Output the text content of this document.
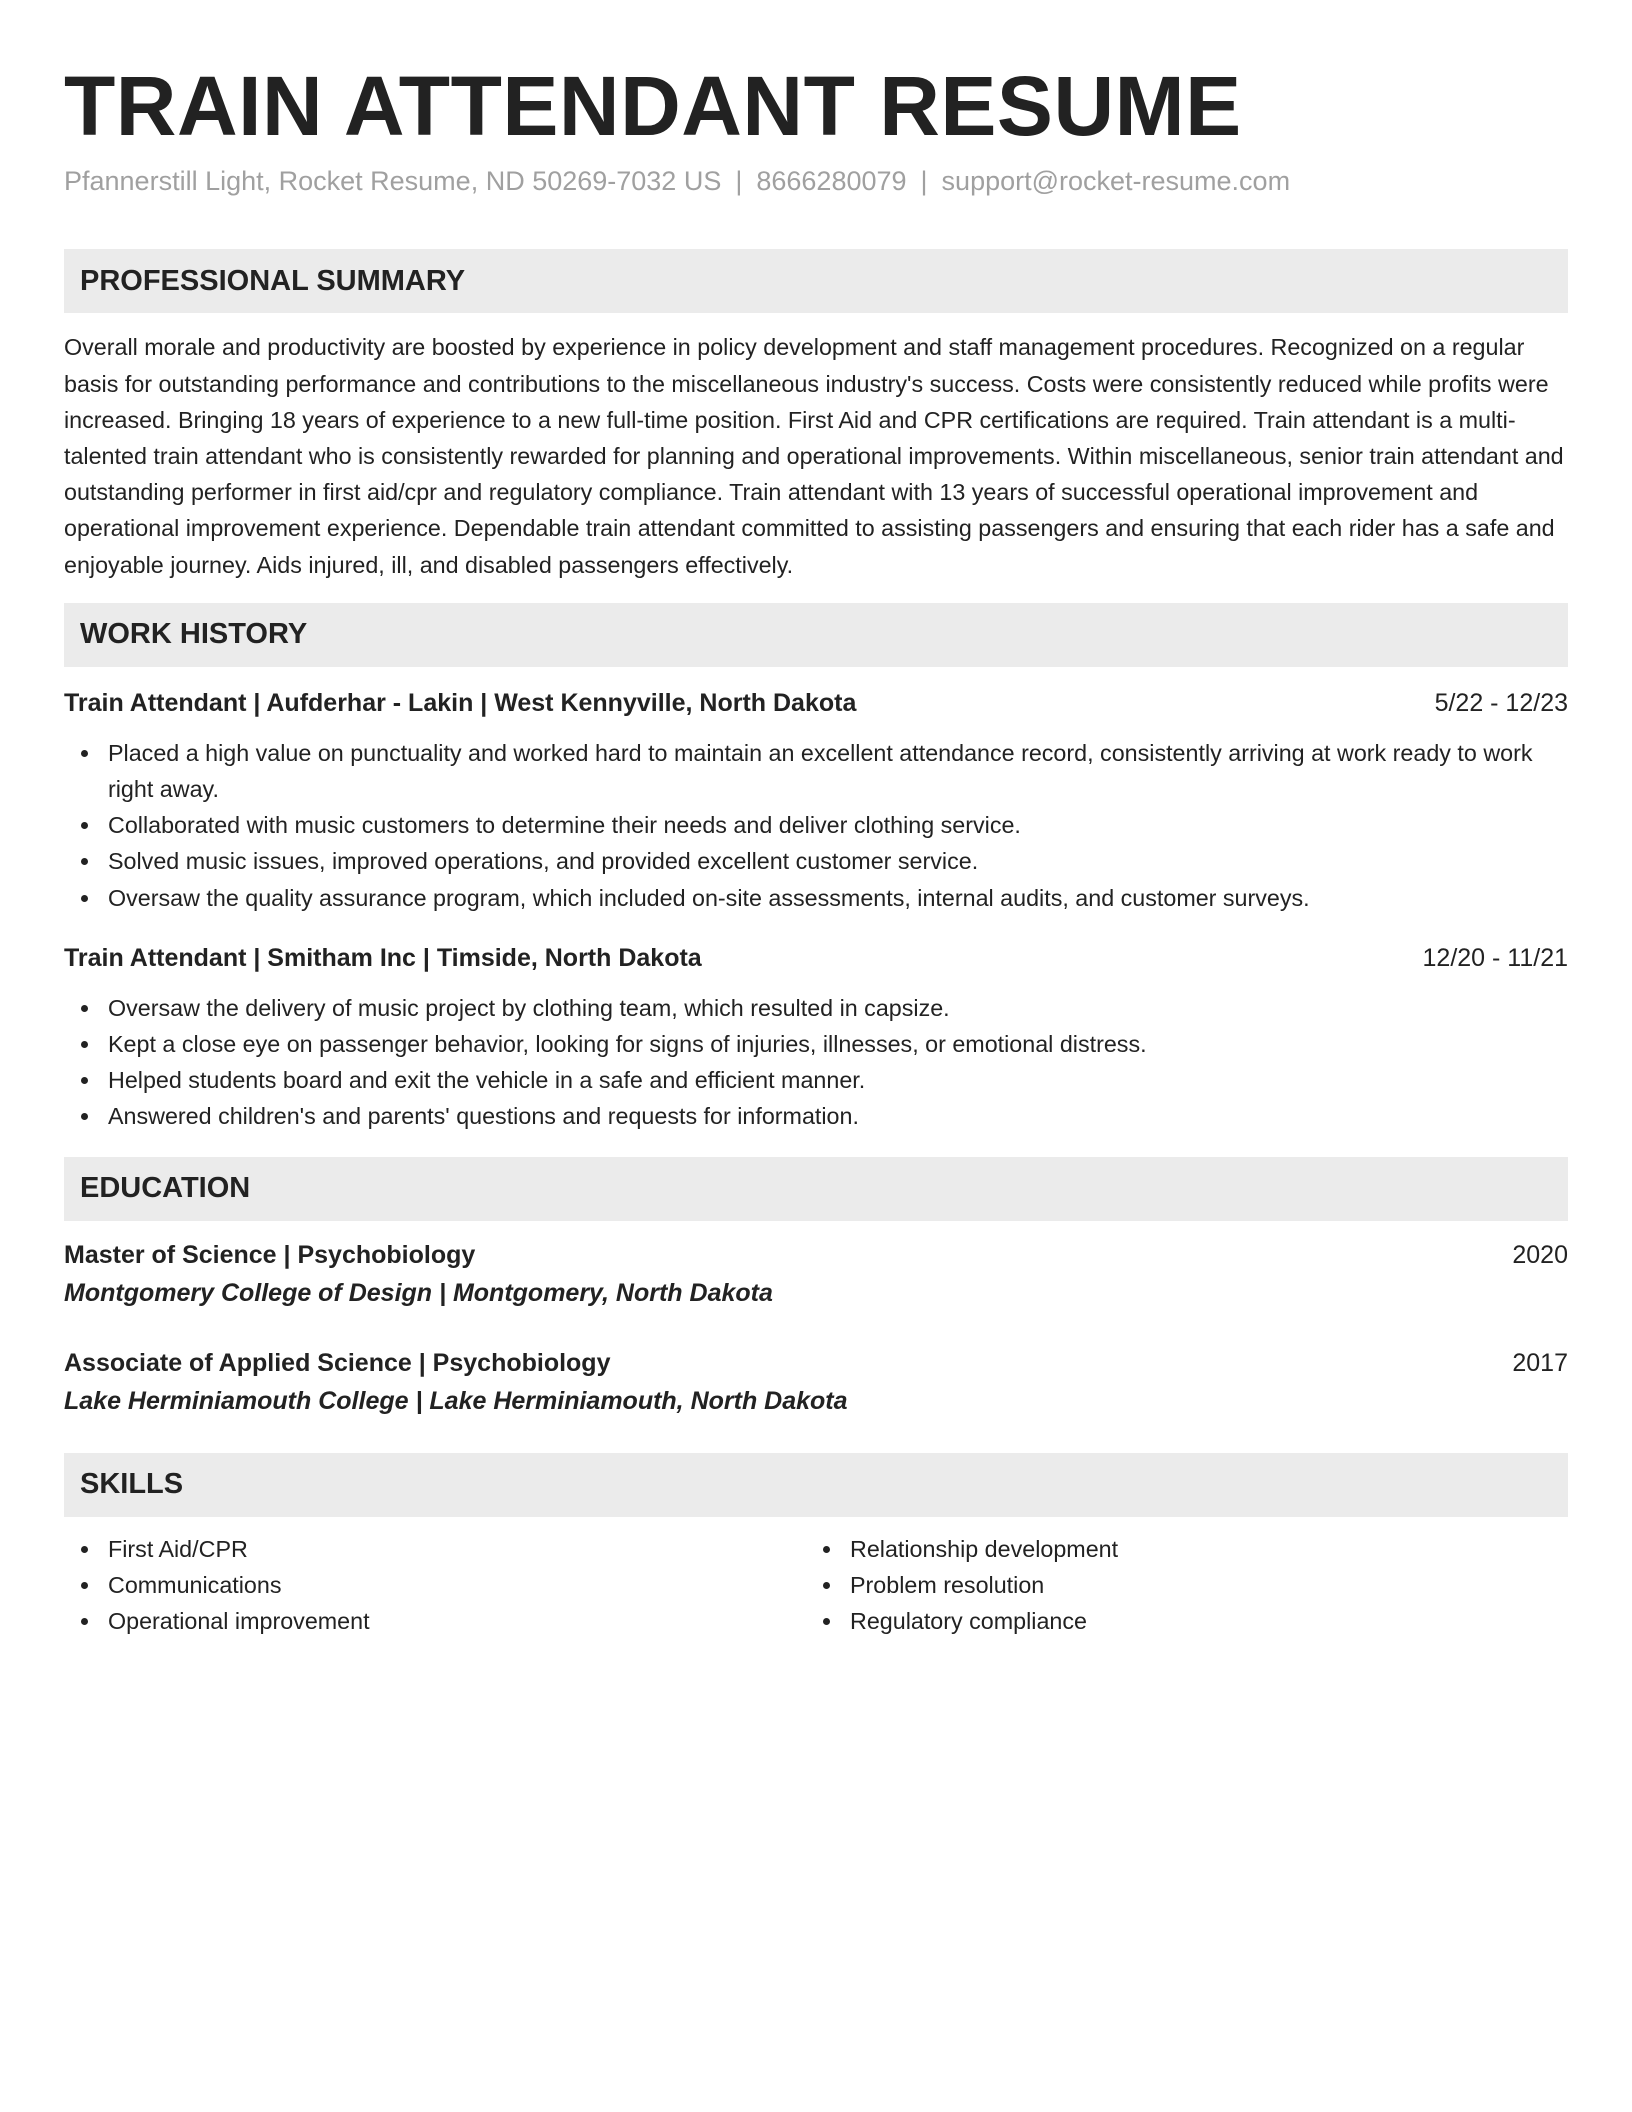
TRAIN ATTENDANT RESUME
Pfannerstill Light, Rocket Resume, ND 50269-7032 US | 8666280079 | support@rocket-resume.com
PROFESSIONAL SUMMARY

Overall morale and productivity are boosted by experience in policy development and staff management procedures. Recognized on a regular basis for outstanding performance and contributions to the miscellaneous industry's success. Costs were consistently reduced while profits were increased. Bringing 18 years of experience to a new full-time position. First Aid and CPR certifications are required. Train attendant is a multi-talented train attendant who is consistently rewarded for planning and operational improvements. Within miscellaneous, senior train attendant and outstanding performer in first aid/cpr and regulatory compliance. Train attendant with 13 years of successful operational improvement and operational improvement experience. Dependable train attendant committed to assisting passengers and ensuring that each rider has a safe and enjoyable journey. Aids injured, ill, and disabled passengers effectively.

WORK HISTORY
Train Attendant | Aufderhar - Lakin | West Kennyville, North Dakota	5/22 - 12/23
Placed a high value on punctuality and worked hard to maintain an excellent attendance record, consistently arriving at work ready to work right away.
Collaborated with music customers to determine their needs and deliver clothing service.
Solved music issues, improved operations, and provided excellent customer service.
Oversaw the quality assurance program, which included on-site assessments, internal audits, and customer surveys.
Train Attendant | Smitham Inc | Timside, North Dakota	12/20 - 11/21
Oversaw the delivery of music project by clothing team, which resulted in capsize.
Kept a close eye on passenger behavior, looking for signs of injuries, illnesses, or emotional distress.
Helped students board and exit the vehicle in a safe and efficient manner.
Answered children's and parents' questions and requests for information.
EDUCATION
Master of Science | Psychobiology	2020
Montgomery College of Design | Montgomery, North Dakota
Associate of Applied Science | Psychobiology	2017
Lake Herminiamouth College | Lake Herminiamouth, North Dakota
SKILLS
First Aid/CPR
Communications
Operational improvement
Relationship development
Problem resolution
Regulatory compliance
